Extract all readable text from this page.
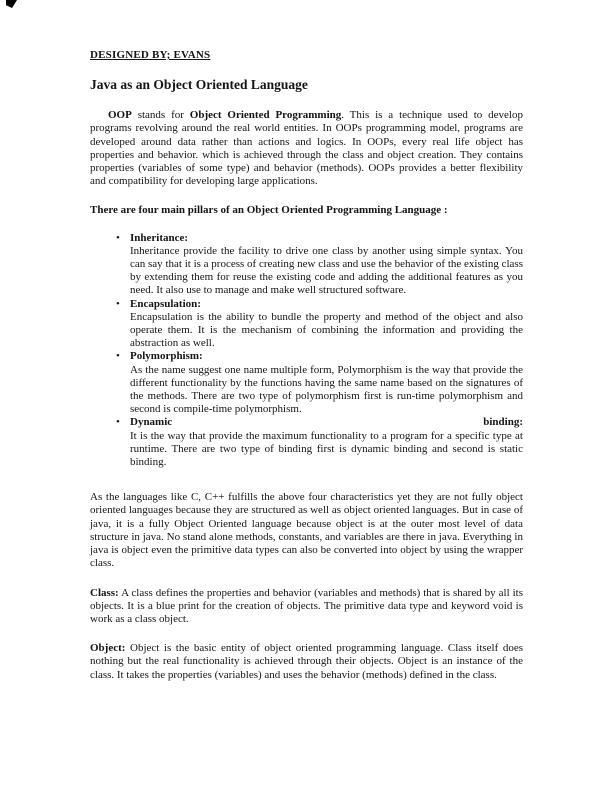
DESIGNED BY; EVANS
Java as an Object Oriented Language

OOP stands for Object Oriented Programming. This is a technique used to develop programs revolving around the real world entities. In OOPs programming model, programs are developed around data rather than actions and logics. In OOPs, every real life object has properties and behavior. which is achieved through the class and object creation. They contains properties (variables of some type) and behavior (methods). OOPs provides a better flexibility and compatibility for developing large applications.

There are four main pillars of an Object Oriented Programming Language :

• Inheritance:
Inheritance provide the facility to drive one class by another using simple syntax. You can say that it is a process of creating new class and use the behavior of the existing class by extending them for reuse the existing code and adding the additional features as you need. It also use to manage and make well structured software.
• Encapsulation:
Encapsulation is the ability to bundle the property and method of the object and also operate them. It is the mechanism of combining the information and providing the abstraction as well.
• Polymorphism:
As the name suggest one name multiple form, Polymorphism is the way that provide the different functionality by the functions having the same name based on the signatures of the methods. There are two type of polymorphism first is run-time polymorphism and second is compile-time polymorphism.
• Dynamic	binding:
It is the way that provide the maximum functionality to a program for a specific type at runtime. There are two type of binding first is dynamic binding and second is static binding.

As the languages like C, C++ fulfills the above four characteristics yet they are not fully object oriented languages because they are structured as well as object oriented languages. But in case of java, it is a fully Object Oriented language because object is at the outer most level of data structure in java. No stand alone methods, constants, and variables are there in java. Everything in java is object even the primitive data types can also be converted into object by using the wrapper class.

Class: A class defines the properties and behavior (variables and methods) that is shared by all its objects. It is a blue print for the creation of objects. The primitive data type and keyword void is work as a class object.

Object: Object is the basic entity of object oriented programming language. Class itself does nothing but the real functionality is achieved through their objects. Object is an instance of the class. It takes the properties (variables) and uses the behavior (methods) defined in the class.
